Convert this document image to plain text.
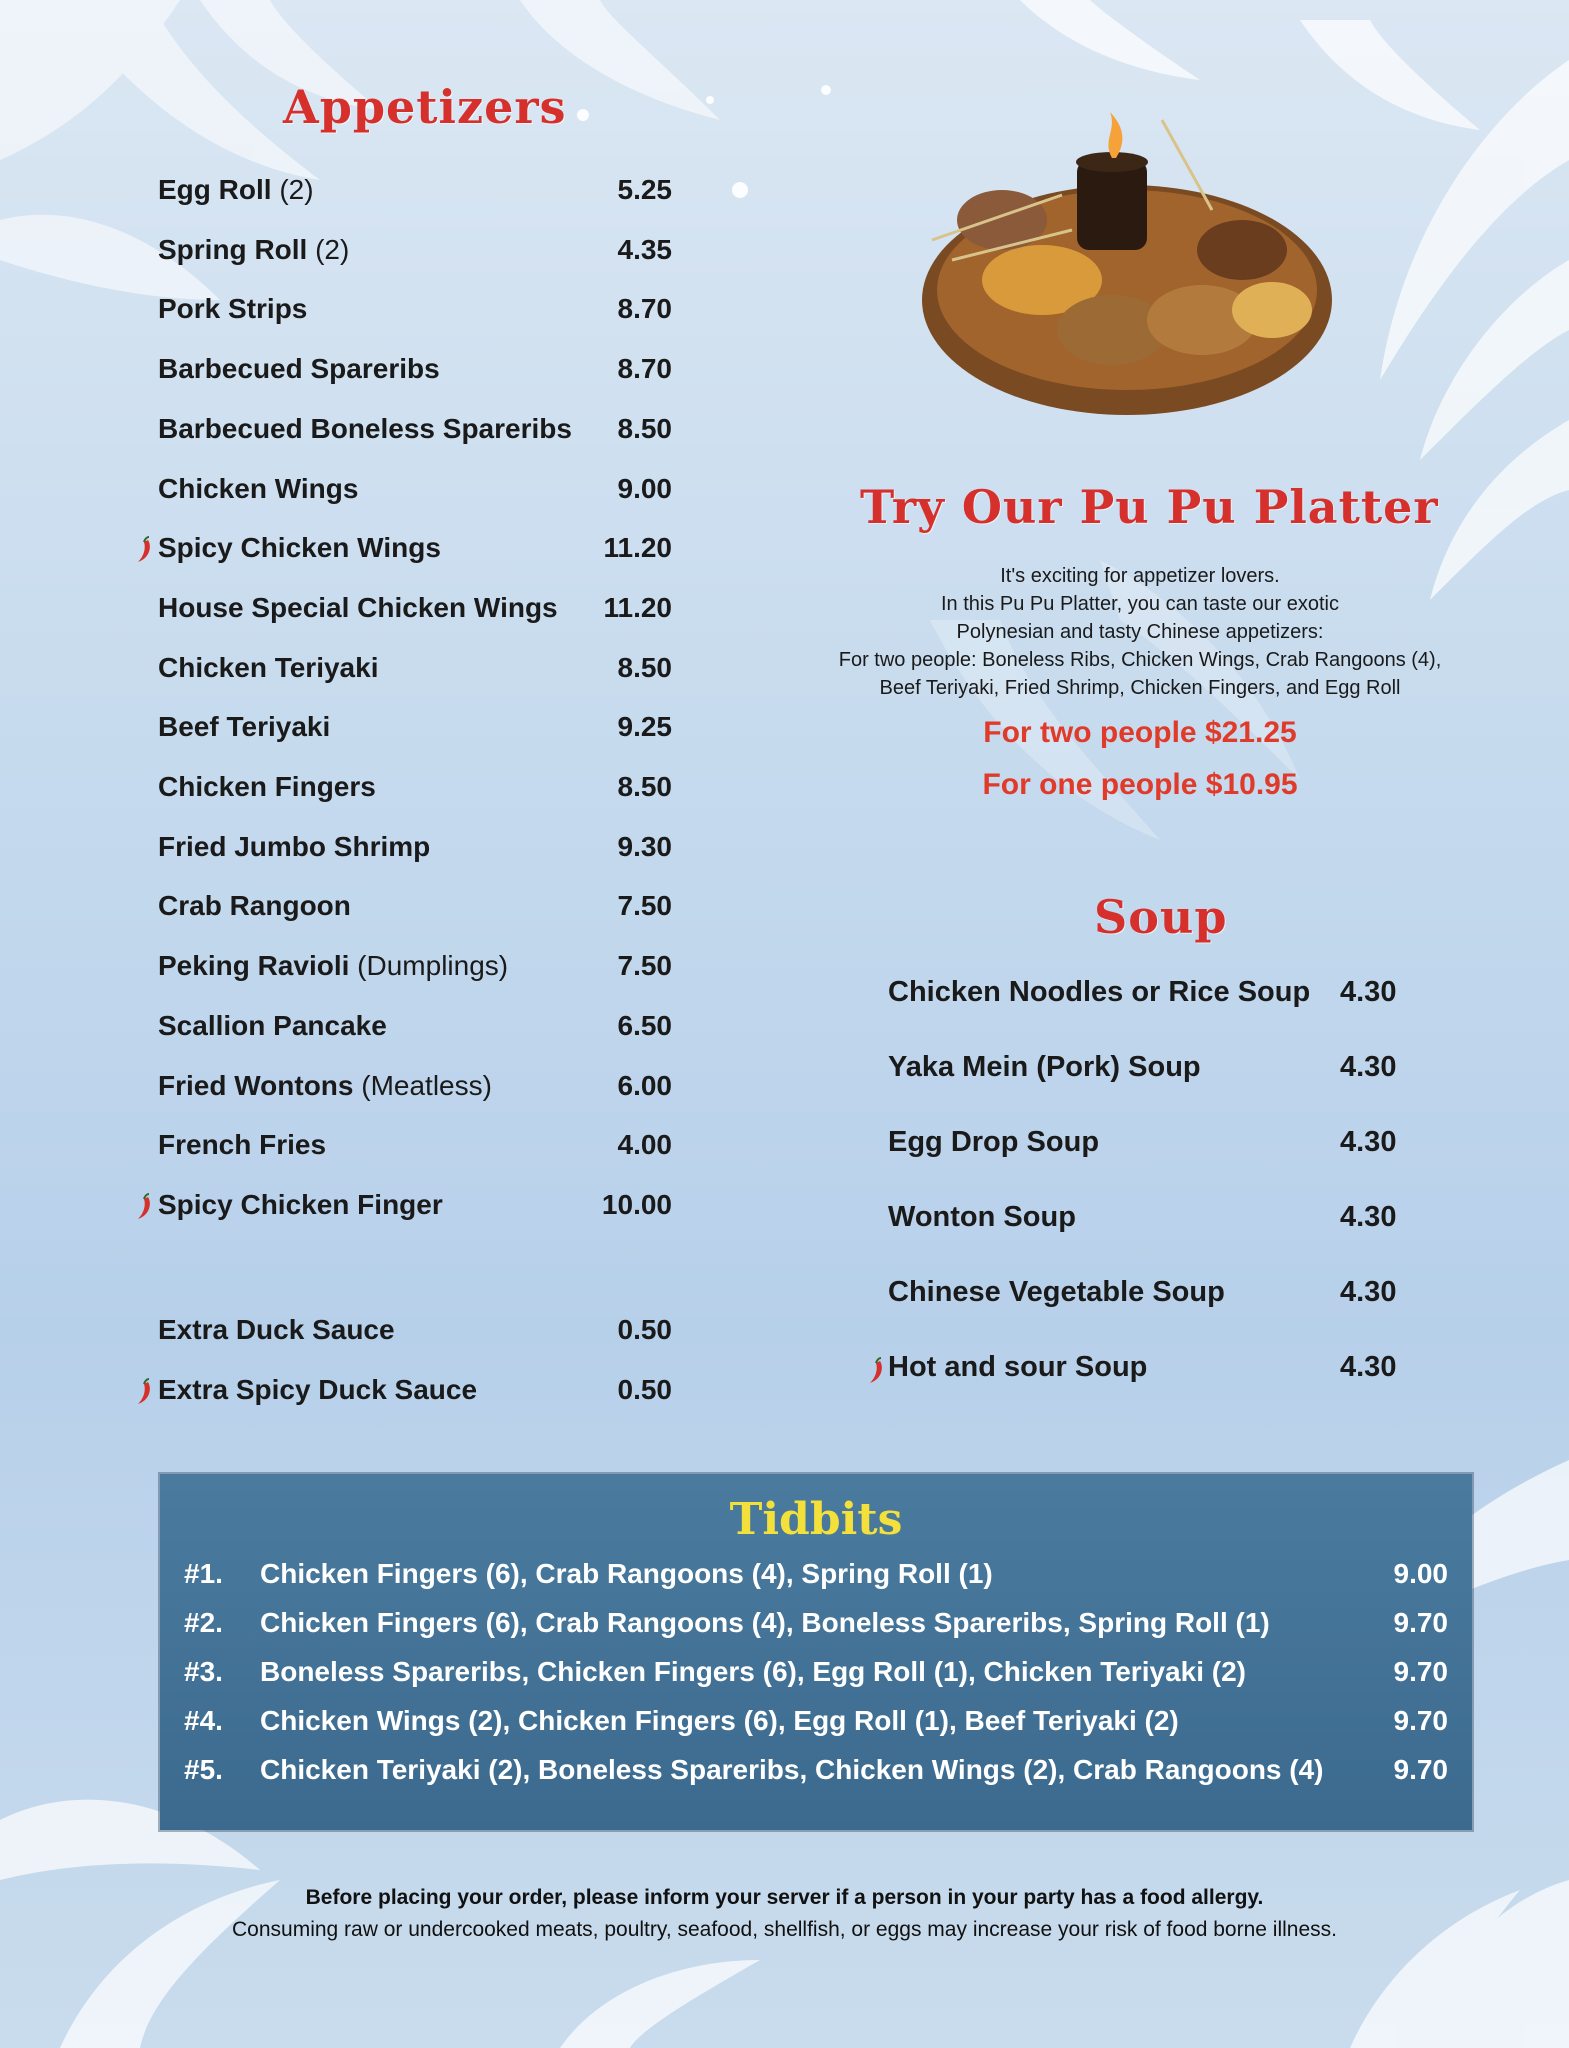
Appetizers
Egg Roll (2)	5.25
Spring Roll (2)	4.35
Pork Strips	8.70
Barbecued Spareribs	8.70
Barbecued Boneless Spareribs	8.50
Chicken Wings	9.00
Spicy Chicken Wings	11.20
House Special Chicken Wings	11.20
Chicken Teriyaki	8.50
Beef Teriyaki	9.25
Chicken Fingers	8.50
Fried Jumbo Shrimp	9.30
Crab Rangoon	7.50
Peking Ravioli (Dumplings)	7.50
Scallion Pancake	6.50
Fried Wontons (Meatless)	6.00
French Fries	4.00
Spicy Chicken Finger	10.00
Extra Duck Sauce	0.50
Extra Spicy Duck Sauce	0.50
Try Our Pu Pu Platter
It's exciting for appetizer lovers.
In this Pu Pu Platter, you can taste our exotic
Polynesian and tasty Chinese appetizers:
For two people: Boneless Ribs, Chicken Wings, Crab Rangoons (4),
Beef Teriyaki, Fried Shrimp, Chicken Fingers, and Egg Roll
For two people $21.25
For one people $10.95
Soup
Chicken Noodles or Rice Soup 4.30
Yaka Mein (Pork) Soup	4.30
Egg Drop Soup	4.30
Wonton Soup	4.30
Chinese Vegetable Soup	4.30
Hot and sour Soup	4.30
Tidbits
#1. Chicken Fingers (6), Crab Rangoons (4), Spring Roll (1)	9.00
#2. Chicken Fingers (6), Crab Rangoons (4), Boneless Spareribs, Spring Roll (1)	9.70
#3. Boneless Spareribs, Chicken Fingers (6), Egg Roll (1), Chicken Teriyaki (2)	9.70
#4. Chicken Wings (2), Chicken Fingers (6), Egg Roll (1), Beef Teriyaki (2)	9.70
#5. Chicken Teriyaki (2), Boneless Spareribs, Chicken Wings (2), Crab Rangoons (4)	9.70
Before placing your order, please inform your server if a person in your party has a food allergy.
Consuming raw or undercooked meats, poultry, seafood, shellfish, or eggs may increase your risk of food borne illness.
